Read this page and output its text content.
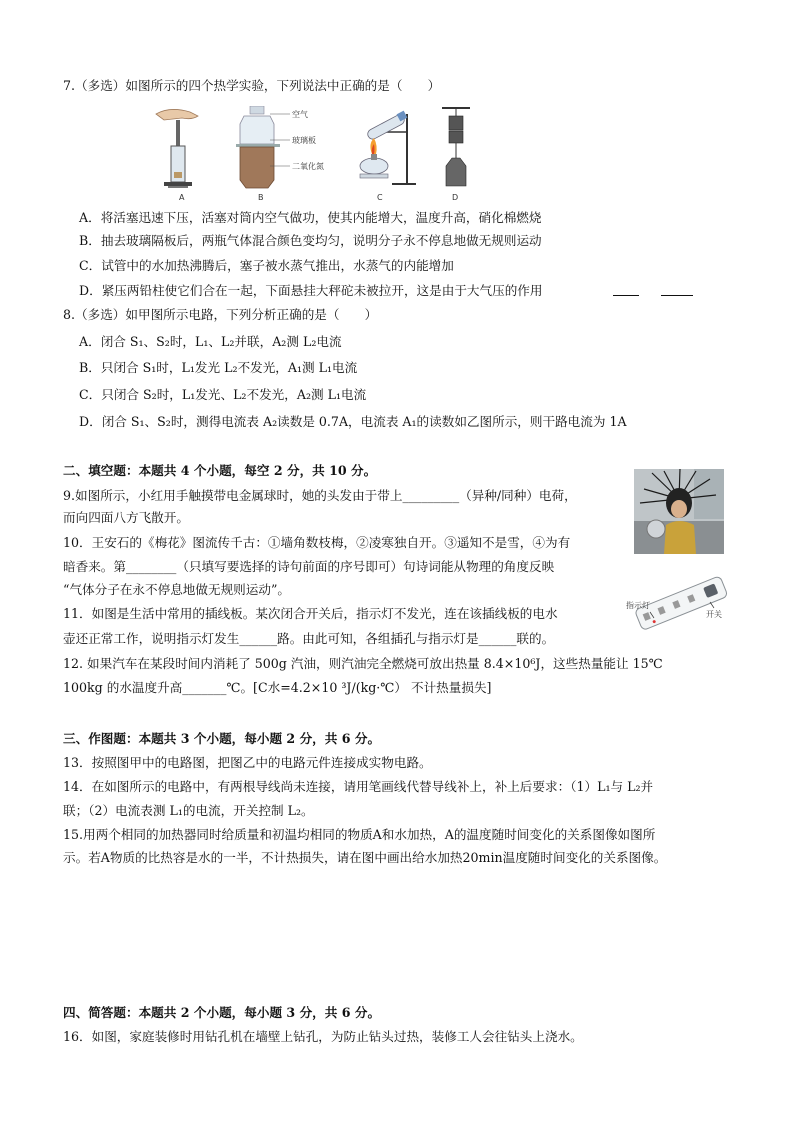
7.（多选）如图所示的四个热学实验，下列说法中正确的是（　　）
A	B
空气
玻璃板
二氧化氮
C	D
A．将活塞迅速下压，活塞对筒内空气做功，使其内能增大，温度升高，硝化棉燃烧
B．抽去玻璃隔板后，两瓶气体混合颜色变均匀，说明分子永不停息地做无规则运动
C．试管中的水加热沸腾后，塞子被水蒸气推出，水蒸气的内能增加
D．紧压两铅柱使它们合在一起，下面悬挂大秤砣未被拉开，这是由于大气压的作用
8.（多选）如甲图所示电路，下列分析正确的是（　　）
A．闭合 S₁、S₂时，L₁、L₂并联，A₂测 L₂电流
B．只闭合 S₁时，L₁发光 L₂不发光，A₁测 L₁电流
C．只闭合 S₂时，L₁发光、L₂不发光，A₂测 L₁电流
D．闭合 S₁、S₂时，测得电流表 A₂读数是 0.7A，电流表 A₁的读数如乙图所示，则干路电流为 1A
二、填空题：本题共 4 个小题，每空 2 分，共 10 分。
9.如图所示，小红用手触摸带电金属球时，她的头发由于带上_________（异种/同种）电荷，
而向四面八方飞散开。
10．王安石的《梅花》图流传千古：①墙角数枝梅，②凌寒独自开。③遥知不是雪，④为有
暗香来。第________（只填写要选择的诗句前面的序号即可）句诗词能从物理的角度反映
“气体分子在永不停息地做无规则运动”。
指示灯
开关
11．如图是生活中常用的插线板。某次闭合开关后，指示灯不发光，连在该插线板的电水
壶还正常工作，说明指示灯发生______路。由此可知，各组插孔与指示灯是______联的。
12. 如果汽车在某段时间内消耗了 500g 汽油，则汽油完全燃烧可放出热量 8.4×10⁶J，这些热量能让 15℃
100kg 的水温度升高_______℃。[C水=4.2×10 ³J/(kg·℃） 不计热量损失]
三、作图题：本题共 3 个小题，每小题 2 分，共 6 分。
13．按照图甲中的电路图，把图乙中的电路元件连接成实物电路。
14．在如图所示的电路中，有两根导线尚未连接，请用笔画线代替导线补上，补上后要求：（1）L₁与 L₂并
联；（2）电流表测 L₁的电流，开关控制 L₂。
15.用两个相同的加热器同时给质量和初温均相同的物质A和水加热，A的温度随时间变化的关系图像如图所
示。若A物质的比热容是水的一半，不计热损失，请在图中画出给水加热20min温度随时间变化的关系图像。
四、简答题：本题共 2 个小题，每小题 3 分，共 6 分。
16．如图，家庭装修时用钻孔机在墙壁上钻孔，为防止钻头过热，装修工人会往钻头上浇水。
